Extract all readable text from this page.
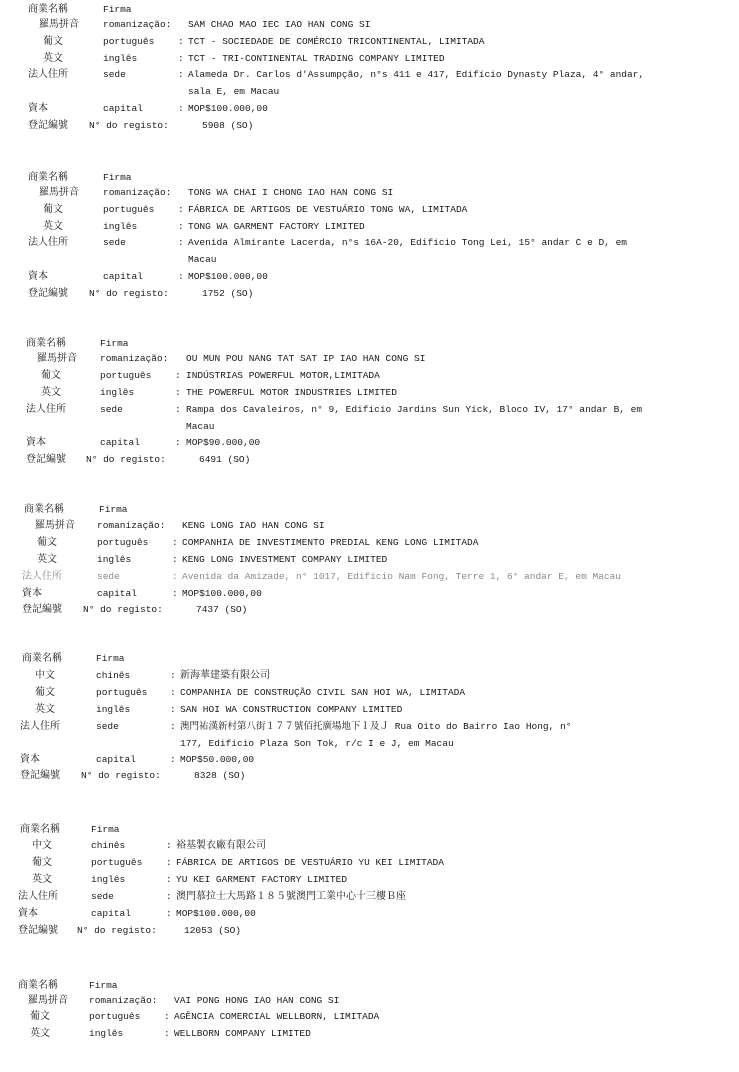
商業名稱	Firma
羅馬拼音	romanização: SAM CHAO MAO IEC IAO HAN CONG SI
葡文	português : TCT - SOCIEDADE DE COMÉRCIO TRICONTINENTAL, LIMITADA
英文	inglês	: TCT - TRI-CONTINENTAL TRADING COMPANY LIMITED
法人住所	sede	: Alameda Dr. Carlos d'Assumpção, n°s 411 e 417, Edifício Dynasty Plaza, 4° andar,
sala E, em Macau
資本	capital	: MOP$100.000,00
登記編號 N° do registo:	5908 (SO)
商業名稱	Firma
羅馬拼音	romanização: TONG WA CHAI I CHONG IAO HAN CONG SI
葡文	português : FÁBRICA DE ARTIGOS DE VESTUÁRIO TONG WA, LIMITADA
英文	inglês	: TONG WA GARMENT FACTORY LIMITED
法人住所	sede	: Avenida Almirante Lacerda, n°s 16A-20, Edifício Tong Lei, 15° andar C e D, em
Macau
資本	capital	: MOP$100.000,00
登記編號 N° do registo:	1752 (SO)
商業名稱	Firma
羅馬拼音 romanização: OU MUN POU NANG TAT SAT IP IAO HAN CONG SI
葡文	português : INDÚSTRIAS POWERFUL MOTOR,LIMITADA
英文	inglês	: THE POWERFUL MOTOR INDUSTRIES LIMITED
法人住所	sede	: Rampa dos Cavaleiros, n° 9, Edifício Jardins Sun Yick, Bloco IV, 17° andar B, em
Macau
資本	capital	: MOP$90.000,00
登記編號 N° do registo:	6491 (SO)
商業名稱	Firma
羅馬拼音 romanização: KENG LONG IAO HAN CONG SI
葡文	português : COMPANHIA DE INVESTIMENTO PREDIAL KENG LONG LIMITADA
英文	inglês	: KENG LONG INVESTMENT COMPANY LIMITED
法人住所	sede	: Avenida da Amizade, n° 1017, Edifício Nam Fong, Terre 1, 6° andar E, em Macau
資本	capital	: MOP$100.000,00
登記編號 N° do registo:	7437 (SO)
商業名稱	Firma
中文	chinês	: 新海華建築有限公司
葡文	português : COMPANHIA DE CONSTRUÇÃO CIVIL SAN HOI WA, LIMITADA
英文	inglês	: SAN HOI WA CONSTRUCTION COMPANY LIMITED
法人住所	sede	: 澳門祐漢新村第八街１７７號佰托廣場地下Ｉ及Ｊ Rua Oito do Bairro Iao Hong, n°
177, Edifício Plaza Son Tok, r/c I e J, em Macau
資本	capital	: MOP$50.000,00
登記編號 N° do registo:	8328 (SO)
商業名稱	Firma
中文	chinês	: 裕基製衣廠有限公司
葡文	português : FÁBRICA DE ARTIGOS DE VESTUÁRIO YU KEI LIMITADA
英文	inglês	: YU KEI GARMENT FACTORY LIMITED
法人住所	sede	: 澳門慕拉士大馬路１８５號澳門工業中心十三樓Ｂ座
資本	capital	: MOP$100.000,00
登記編號 N° do registo:	12053 (SO)
商業名稱	Firma
羅馬拼音 romanização: VAI PONG HONG IAO HAN CONG SI
葡文	português : AGÊNCIA COMERCIAL WELLBORN, LIMITADA
英文	inglês	: WELLBORN COMPANY LIMITED
